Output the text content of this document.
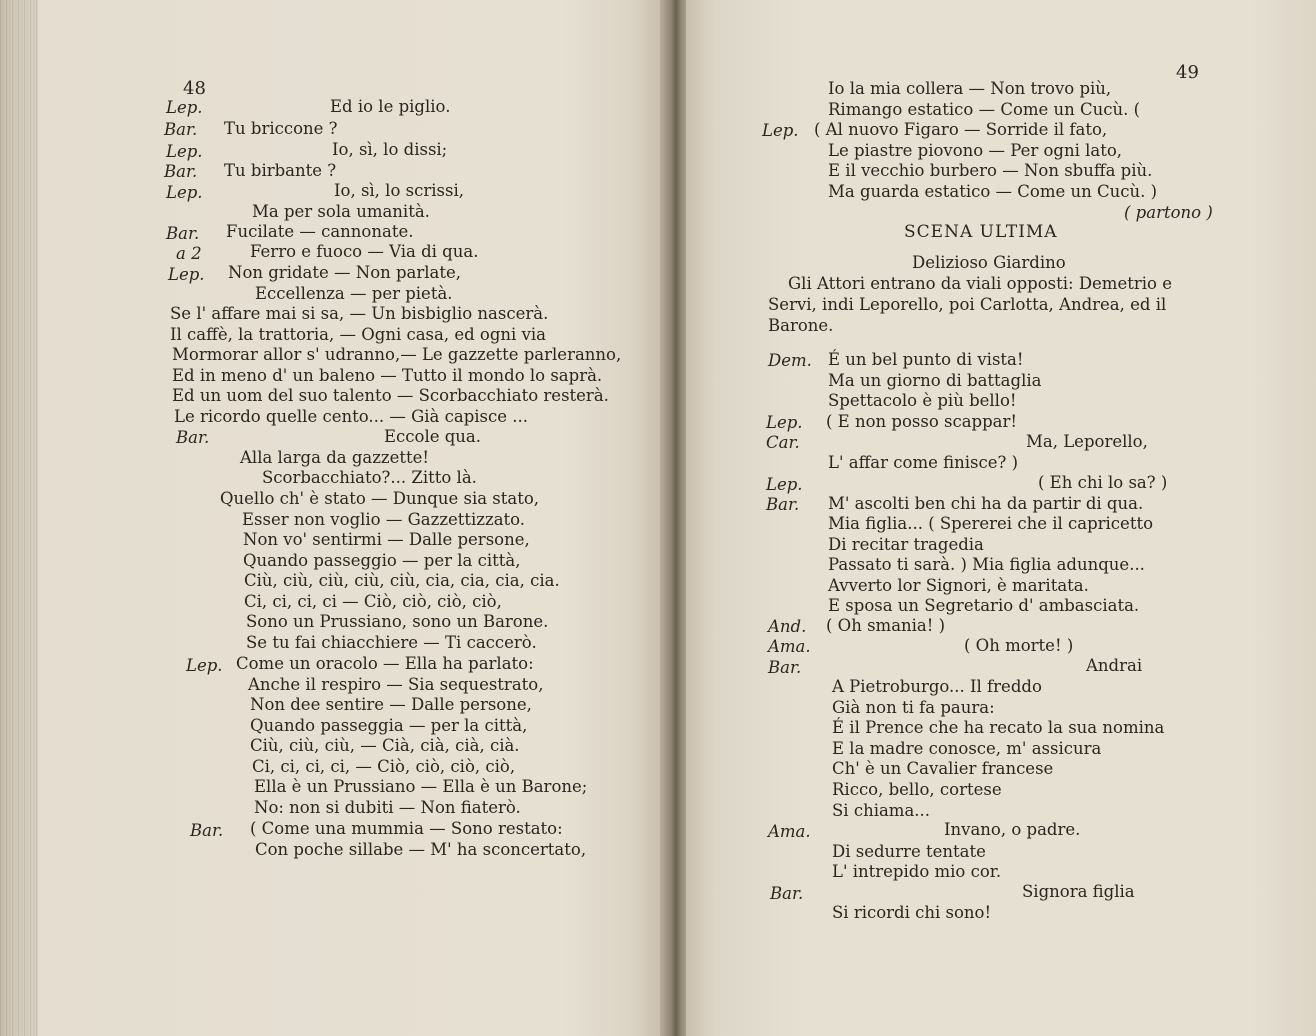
48
Lep.	Ed io le piglio.
Bar. Tu briccone ?
Lep.	Io, sì, lo dissi;
Bar. Tu birbante ?
Lep.	Io, sì, lo scrissi,
Ma per sola umanità.
Bar. Fucilate — cannonate.
a 2	Ferro e fuoco — Via di qua.
Lep. Non gridate — Non parlate,
Eccellenza — per pietà.
Se l' affare mai si sa, — Un bisbiglio nascerà.
Il caffè, la trattoria, — Ogni casa, ed ogni via
Mormorar allor s' udranno,— Le gazzette parleranno,
Ed in meno d' un baleno — Tutto il mondo lo saprà.
Ed un uom del suo talento — Scorbacchiato resterà.
Le ricordo quelle cento... — Già capisce ...
Bar.	Eccole qua.
Alla larga da gazzette!
Scorbacchiato?... Zitto là.
Quello ch' è stato — Dunque sia stato,
Esser non voglio — Gazzettizzato.
Non vo' sentirmi — Dalle persone,
Quando passeggio — per la città,
Ciù, ciù, ciù, ciù, ciù, cia, cia, cia, cia.
Ci, ci, ci, ci — Ciò, ciò, ciò, ciò,
Sono un Prussiano, sono un Barone.
Se tu fai chiacchiere — Ti caccerò.
Lep. Come un oracolo — Ella ha parlato:
Anche il respiro — Sia sequestrato,
Non dee sentire — Dalle persone,
Quando passeggia — per la città,
Ciù, ciù, ciù, — Cià, cià, cià, cià.
Ci, ci, ci, ci, — Ciò, ciò, ciò, ciò,
Ella è un Prussiano — Ella è un Barone;
No: non si dubiti — Non fiaterò.
Bar. ( Come una mummia — Sono restato:
Con poche sillabe — M' ha sconcertato,
49
Io la mia collera — Non trovo più,
Rimango estatico — Come un Cucù. (
Lep. ( Al nuovo Figaro — Sorride il fato,
Le piastre piovono — Per ogni lato,
E il vecchio burbero — Non sbuffa più.
Ma guarda estatico — Come un Cucù. )
( partono )
SCENA ULTIMA
Delizioso Giardino
Gli Attori entrano da viali opposti: Demetrio e
Servi, indi Leporello, poi Carlotta, Andrea, ed il
Barone.
Dem. É un bel punto di vista!
Ma un giorno di battaglia
Spettacolo è più bello!
Lep. ( E non posso scappar!
Car.	Ma, Leporello,
L' affar come finisce? )
Lep.	( Eh chi lo sa? )
Bar. M' ascolti ben chi ha da partir di qua.
Mia figlia... ( Spererei che il capricetto
Di recitar tragedia
Passato ti sarà. ) Mia figlia adunque...
Avverto lor Signori, è maritata.
E sposa un Segretario d' ambasciata.
And. ( Oh smania! )
Ama.	( Oh morte! )
Bar.	Andrai
A Pietroburgo... Il freddo
Già non ti fa paura:
É il Prence che ha recato la sua nomina
E la madre conosce, m' assicura
Ch' è un Cavalier francese
Ricco, bello, cortese
Si chiama...
Ama.	Invano, o padre.
Di sedurre tentate
L' intrepido mio cor.
Bar.	Signora figlia
Si ricordi chi sono!
